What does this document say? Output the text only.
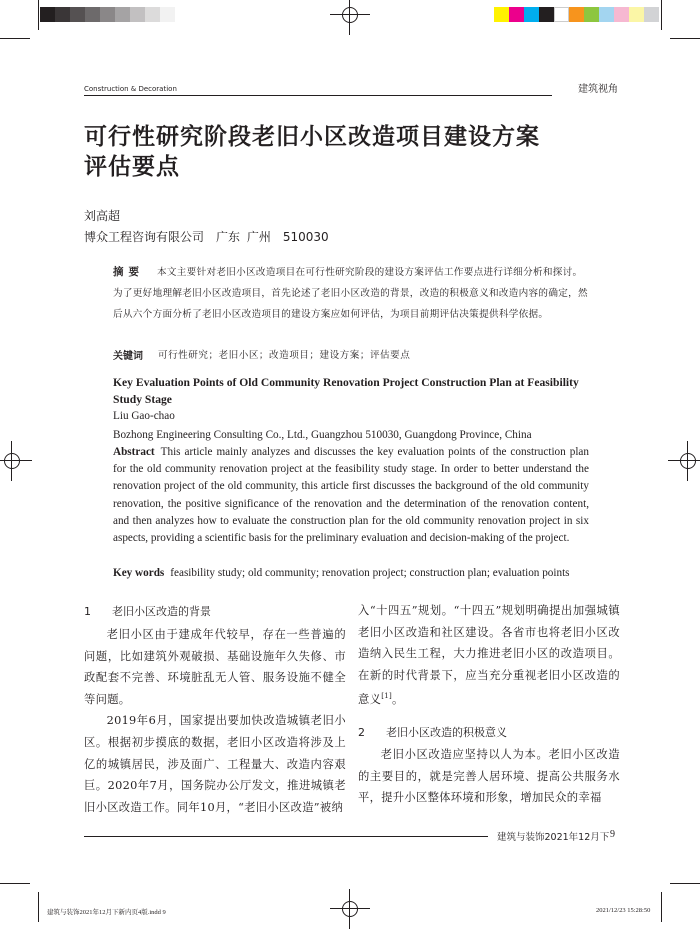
Construction & Decoration	建筑视角
可行性研究阶段老旧小区改造项目建设方案
评估要点
刘高超
博众工程咨询有限公司　广东 广州　510030
摘要	本文主要针对老旧小区改造项目在可行性研究阶段的建设方案评估工作要点进行详细分析和探讨。为了更好地理解老旧小区改造项目，首先论述了老旧小区改造的背景，改造的积极意义和改造内容的确定，然后从六个方面分析了老旧小区改造项目的建设方案应如何评估，为项目前期评估决策提供科学依据。
关键词 可行性研究；老旧小区；改造项目；建设方案；评估要点
Key Evaluation Points of Old Community Renovation Project Construction Plan at Feasibility Study Stage
Liu Gao-chao
Bozhong Engineering Consulting Co., Ltd., Guangzhou 510030, Guangdong Province, China
Abstract This article mainly analyzes and discusses the key evaluation points of the construction plan for the old community renovation project at the feasibility study stage. In order to better understand the renovation project of the old community, this article first discusses the background of the old community renovation, the positive significance of the renovation and the determination of the renovation content, and then analyzes how to evaluate the construction plan for the old community renovation project in six aspects, providing a scientific basis for the preliminary evaluation and decision-making of the project.
Key words feasibility study; old community; renovation project; construction plan; evaluation points
1 老旧小区改造的背景

老旧小区由于建成年代较早，存在一些普遍的问题，比如建筑外观破损、基础设施年久失修、市政配套不完善、环境脏乱无人管、服务设施不健全等问题。

2019年6月，国家提出要加快改造城镇老旧小区。根据初步摸底的数据，老旧小区改造将涉及上亿的城镇居民，涉及面广、工程量大、改造内容艰巨。2020年7月，国务院办公厅发文，推进城镇老旧小区改造工作。同年10月，“老旧小区改造”被纳

入“十四五”规划。“十四五”规划明确提出加强城镇老旧小区改造和社区建设。各省市也将老旧小区改造纳入民生工程，大力推进老旧小区的改造项目。在新的时代背景下，应当充分重视老旧小区改造的意义[1]。

2 老旧小区改造的积极意义

老旧小区改造应坚持以人为本。老旧小区改造的主要目的，就是完善人居环境、提高公共服务水平，提升小区整体环境和形象，增加民众的幸福

建筑与装饰2021年12月下 9
建筑与装饰2021年12月下新内页4版.indd 9	2021/12/23 15:28:50
